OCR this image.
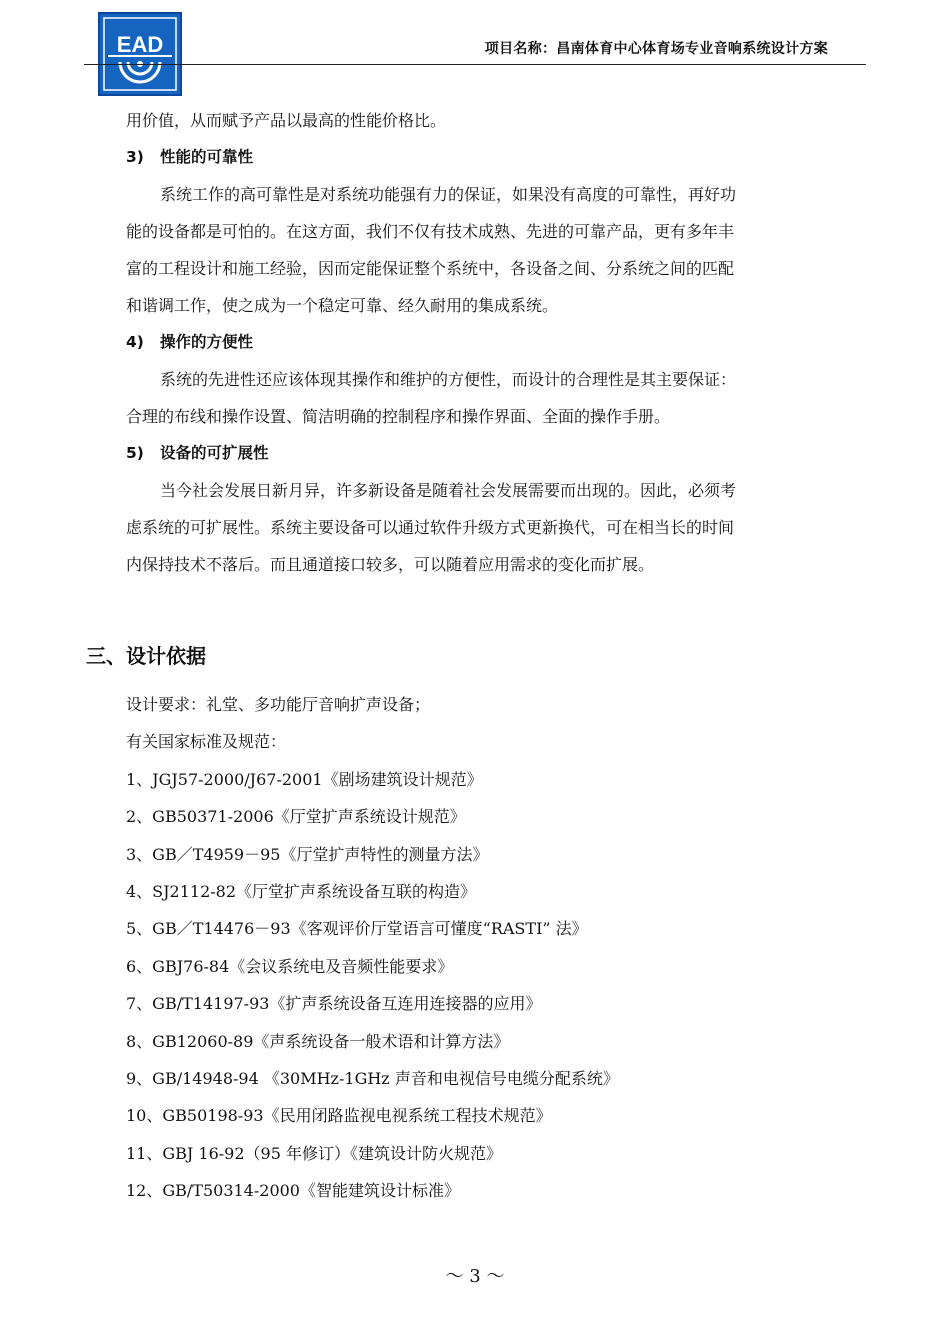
EAD	项目名称：昌南体育中心体育场专业音响系统设计方案

用价值，从而赋予产品以最高的性能价格比。

3) 性能的可靠性

系统工作的高可靠性是对系统功能强有力的保证，如果没有高度的可靠性，再好功

能的设备都是可怕的。在这方面，我们不仅有技术成熟、先进的可靠产品，更有多年丰

富的工程设计和施工经验，因而定能保证整个系统中，各设备之间、分系统之间的匹配

和谐调工作，使之成为一个稳定可靠、经久耐用的集成系统。

4) 操作的方便性

系统的先进性还应该体现其操作和维护的方便性，而设计的合理性是其主要保证：

合理的布线和操作设置、简洁明确的控制程序和操作界面、全面的操作手册。

5) 设备的可扩展性

当今社会发展日新月异，许多新设备是随着社会发展需要而出现的。因此，必须考

虑系统的可扩展性。系统主要设备可以通过软件升级方式更新换代，可在相当长的时间

内保持技术不落后。而且通道接口较多，可以随着应用需求的变化而扩展。

三、设计依据

设计要求：礼堂、多功能厅音响扩声设备；

有关国家标准及规范：

1、JGJ57-2000/J67-2001《剧场建筑设计规范》

2、GB50371-2006《厅堂扩声系统设计规范》

3、GB／T4959－95《厅堂扩声特性的测量方法》

4、SJ2112-82《厅堂扩声系统设备互联的构造》

5、GB／T14476－93《客观评价厅堂语言可懂度“RASTI” 法》

6、GBJ76-84《会议系统电及音频性能要求》

7、GB/T14197-93《扩声系统设备互连用连接器的应用》

8、GB12060-89《声系统设备一般术语和计算方法》

9、GB/14948-94 《30MHz-1GHz 声音和电视信号电缆分配系统》

10、GB50198-93《民用闭路监视电视系统工程技术规范》

11、GBJ 16-92（95 年修订）《建筑设计防火规范》

12、GB/T50314-2000《智能建筑设计标准》

～ 3 ～
